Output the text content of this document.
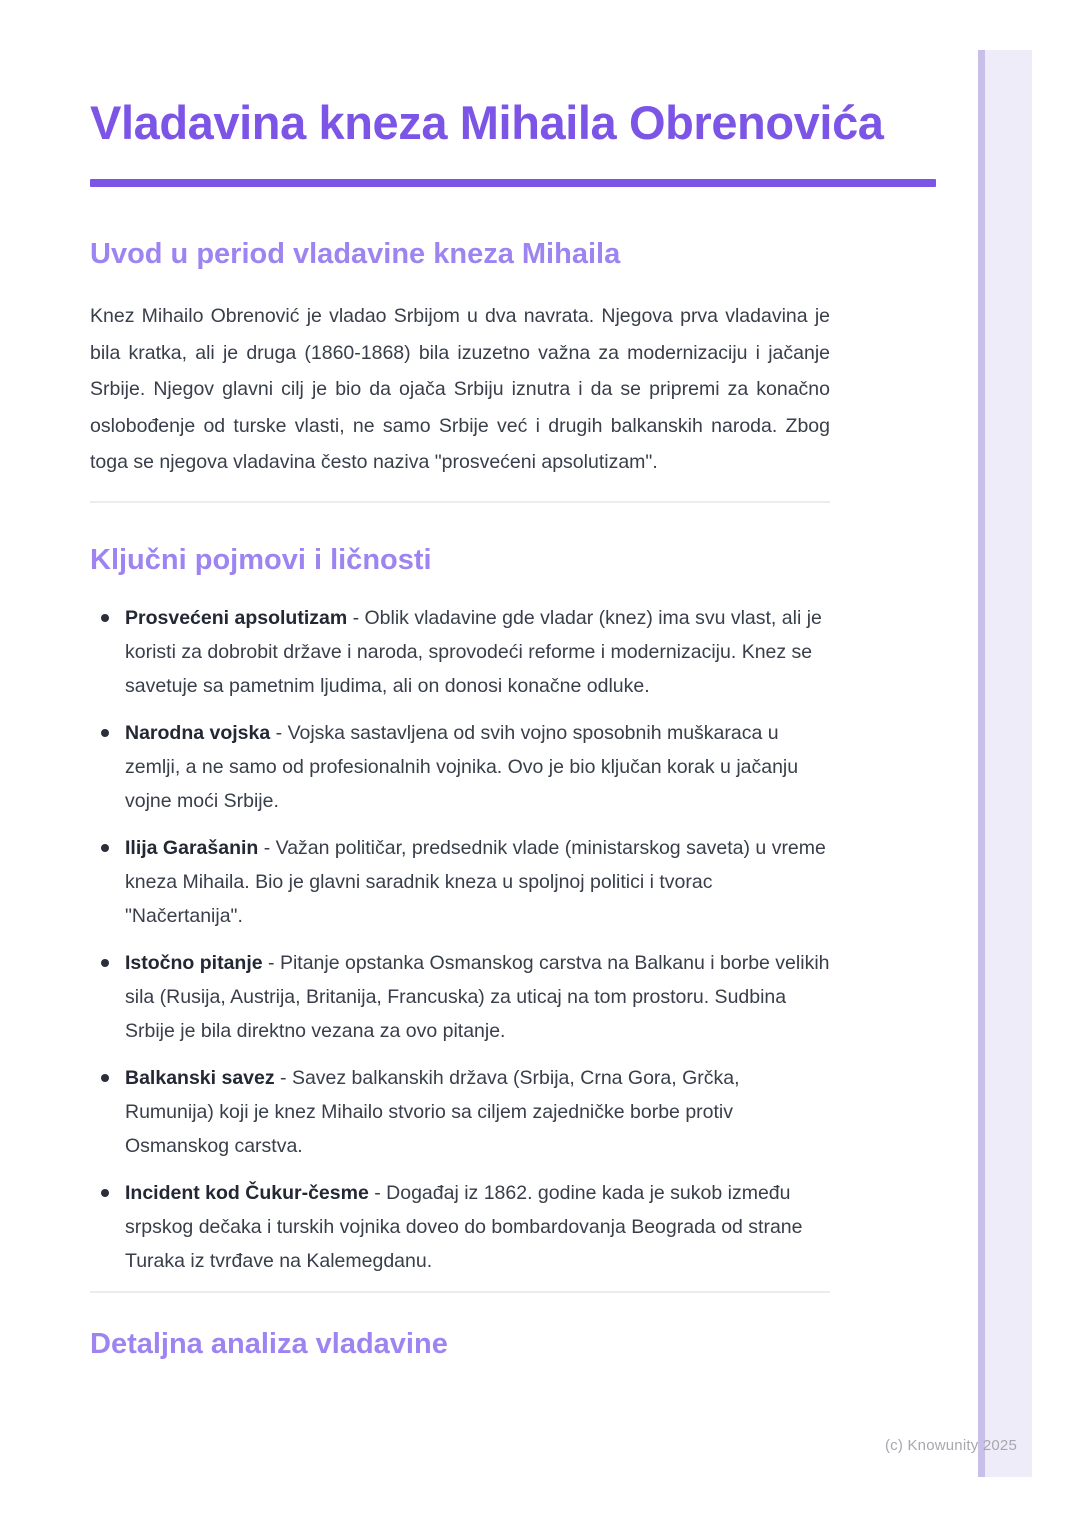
Vladavina kneza Mihaila Obrenovića
Uvod u period vladavine kneza Mihaila

Knez Mihailo Obrenović je vladao Srbijom u dva navrata. Njegova prva vladavina je bila kratka, ali je druga (1860-1868) bila izuzetno važna za modernizaciju i jačanje Srbije. Njegov glavni cilj je bio da ojača Srbiju iznutra i da se pripremi za konačno oslobođenje od turske vlasti, ne samo Srbije već i drugih balkanskih naroda. Zbog toga se njegova vladavina često naziva "prosvećeni apsolutizam".

Ključni pojmovi i ličnosti
Prosvećeni apsolutizam - Oblik vladavine gde vladar (knez) ima svu vlast, ali je koristi za dobrobit države i naroda, sprovodeći reforme i modernizaciju. Knez se savetuje sa pametnim ljudima, ali on donosi konačne odluke.
Narodna vojska - Vojska sastavljena od svih vojno sposobnih muškaraca u zemlji, a ne samo od profesionalnih vojnika. Ovo je bio ključan korak u jačanju vojne moći Srbije.
Ilija Garašanin - Važan političar, predsednik vlade (ministarskog saveta) u vreme kneza Mihaila. Bio je glavni saradnik kneza u spoljnoj politici i tvorac "Načertanija".
Istočno pitanje - Pitanje opstanka Osmanskog carstva na Balkanu i borbe velikih sila (Rusija, Austrija, Britanija, Francuska) za uticaj na tom prostoru. Sudbina Srbije je bila direktno vezana za ovo pitanje.
Balkanski savez - Savez balkanskih država (Srbija, Crna Gora, Grčka, Rumunija) koji je knez Mihailo stvorio sa ciljem zajedničke borbe protiv Osmanskog carstva.
Incident kod Čukur-česme - Događaj iz 1862. godine kada je sukob između srpskog dečaka i turskih vojnika doveo do bombardovanja Beograda od strane Turaka iz tvrđave na Kalemegdanu.
Detaljna analiza vladavine
(c) Knowunity 2025
